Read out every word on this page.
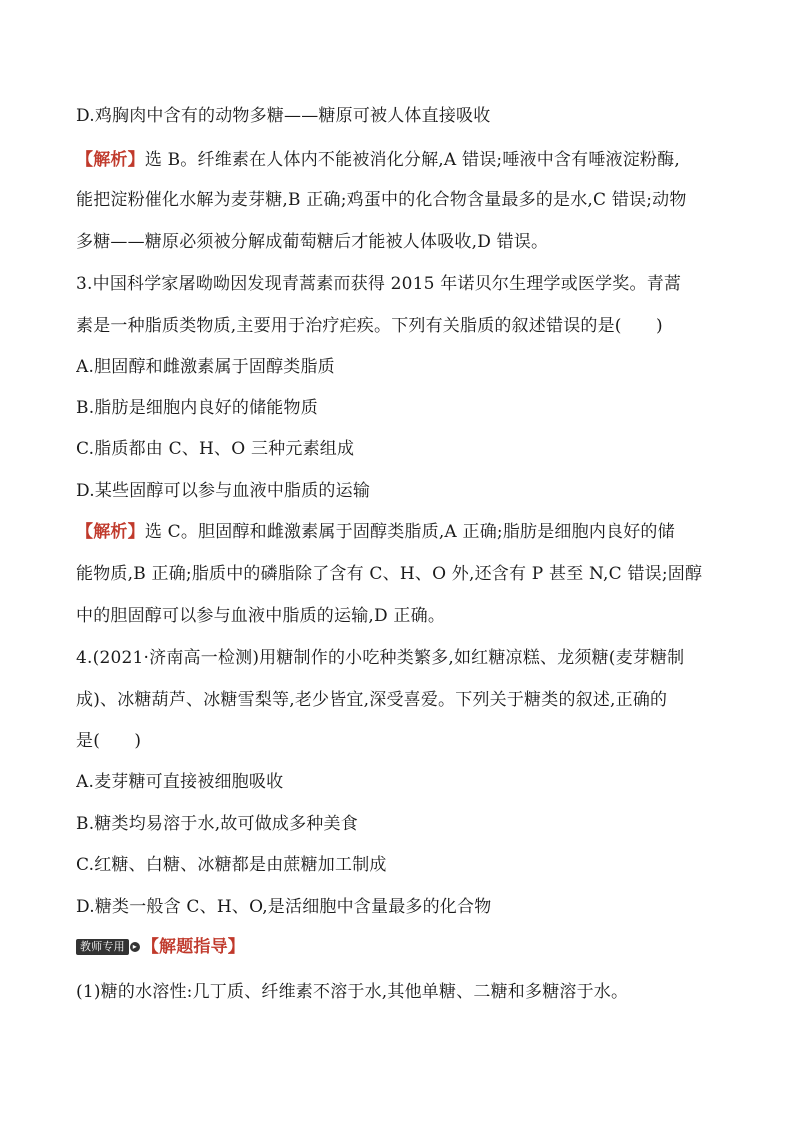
D.鸡胸肉中含有的动物多糖——糖原可被人体直接吸收
【解析】选 B。纤维素在人体内不能被消化分解,A 错误;唾液中含有唾液淀粉酶,
能把淀粉催化水解为麦芽糖,B 正确;鸡蛋中的化合物含量最多的是水,C 错误;动物
多糖——糖原必须被分解成葡萄糖后才能被人体吸收,D 错误。
3.中国科学家屠呦呦因发现青蒿素而获得 2015 年诺贝尔生理学或医学奖。青蒿
素是一种脂质类物质,主要用于治疗疟疾。下列有关脂质的叙述错误的是(　　)
A.胆固醇和雌激素属于固醇类脂质
B.脂肪是细胞内良好的储能物质
C.脂质都由 C、H、O 三种元素组成
D.某些固醇可以参与血液中脂质的运输
【解析】选 C。胆固醇和雌激素属于固醇类脂质,A 正确;脂肪是细胞内良好的储
能物质,B 正确;脂质中的磷脂除了含有 C、H、O 外,还含有 P 甚至 N,C 错误;固醇
中的胆固醇可以参与血液中脂质的运输,D 正确。
4.(2021·济南高一检测)用糖制作的小吃种类繁多,如红糖凉糕、龙须糖(麦芽糖制
成)、冰糖葫芦、冰糖雪梨等,老少皆宜,深受喜爱。下列关于糖类的叙述,正确的
是(　　)
A.麦芽糖可直接被细胞吸收
B.糖类均易溶于水,故可做成多种美食
C.红糖、白糖、冰糖都是由蔗糖加工制成
D.糖类一般含 C、H、O,是活细胞中含量最多的化合物
教师专用 ▸ 【解题指导】
(1)糖的水溶性:几丁质、纤维素不溶于水,其他单糖、二糖和多糖溶于水。
